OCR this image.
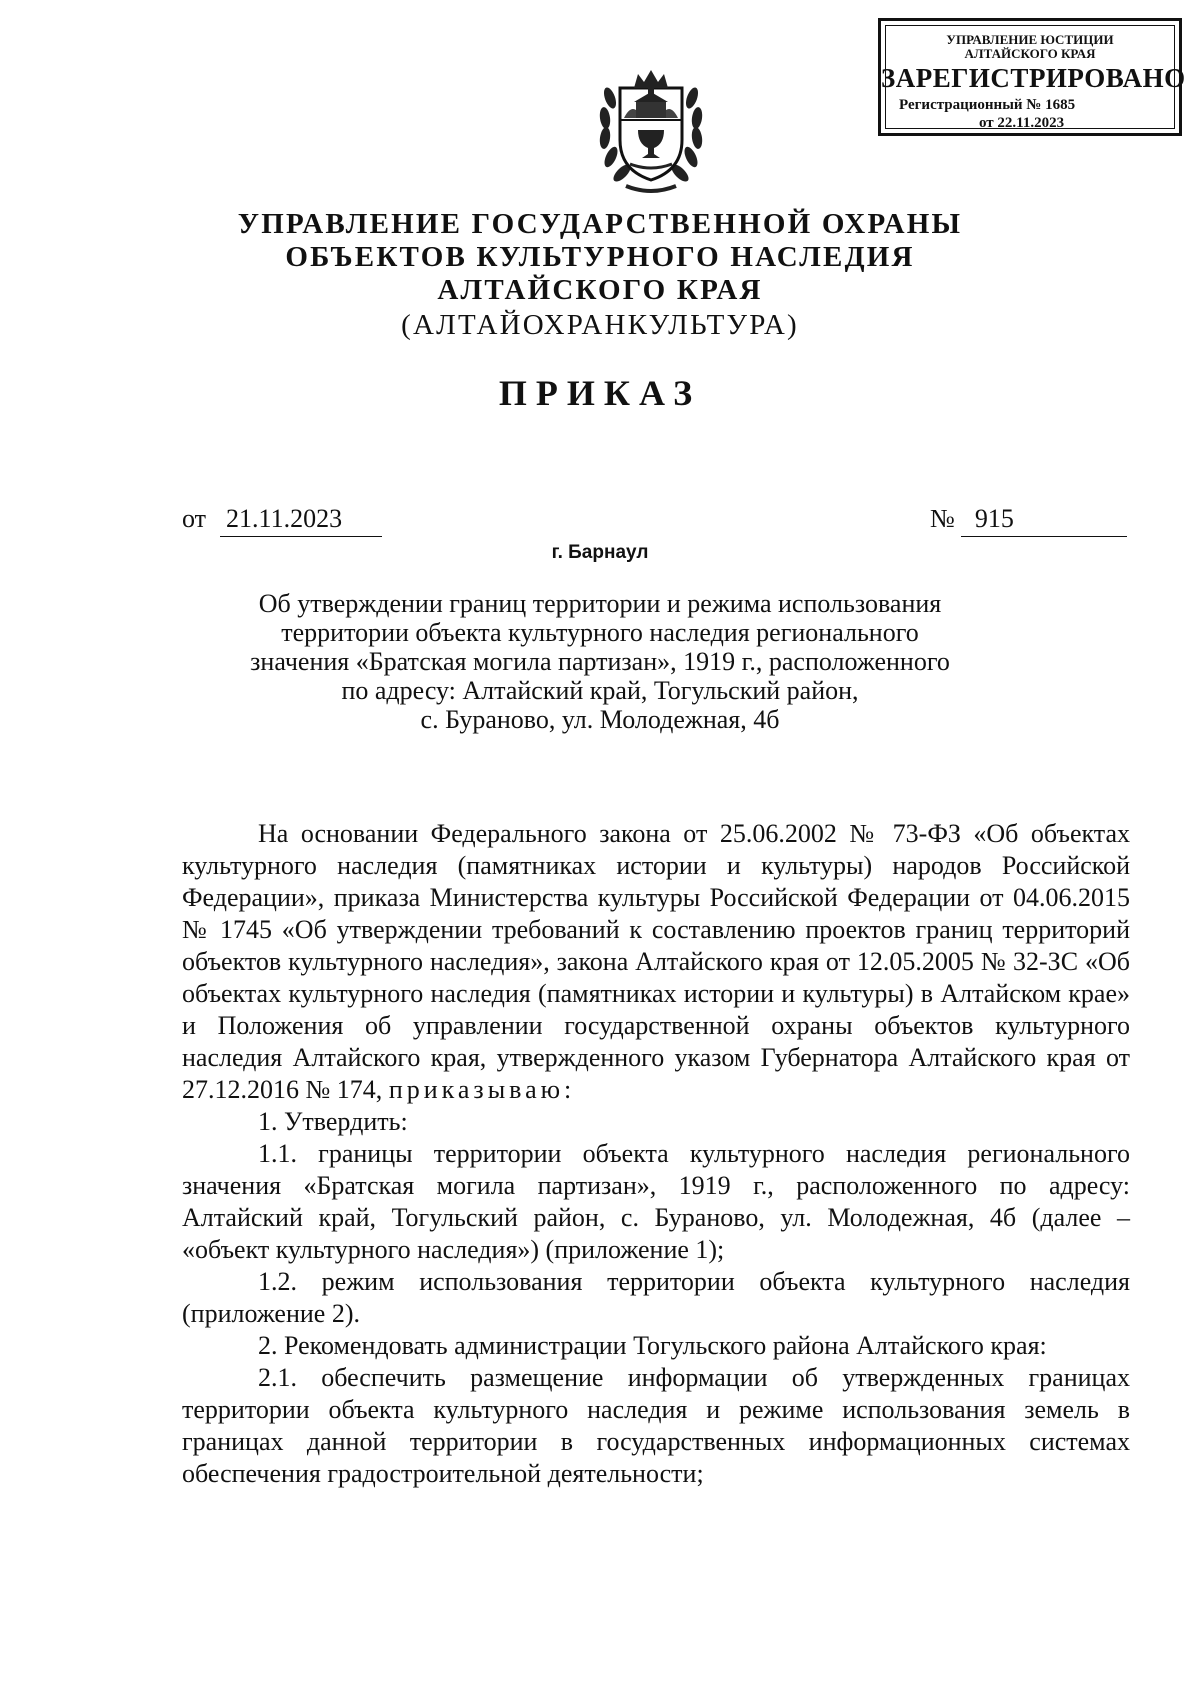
УПРАВЛЕНИЕ ЮСТИЦИИ
АЛТАЙСКОГО КРАЯ
ЗАРЕГИСТРИРОВАНО
Регистрационный № 1685
от 22.11.2023
УПРАВЛЕНИЕ ГОСУДАРСТВЕННОЙ ОХРАНЫ
ОБЪЕКТОВ КУЛЬТУРНОГО НАСЛЕДИЯ
АЛТАЙСКОГО КРАЯ
(АЛТАЙОХРАНКУЛЬТУРА)
ПРИКАЗ
от 21.11.2023	№ 915
г. Барнаул
Об утверждении границ территории и режима использования
территории объекта культурного наследия регионального
значения «Братская могила партизан», 1919 г., расположенного
по адресу: Алтайский край, Тогульский район,
с. Бураново, ул. Молодежная, 4б

На основании Федерального закона от 25.06.2002 № 73-ФЗ «Об объектах культурного наследия (памятниках истории и культуры) народов Российской Федерации», приказа Министерства культуры Российской Федерации от 04.06.2015 № 1745 «Об утверждении требований к составлению проектов границ территорий объектов культурного наследия», закона Алтайского края от 12.05.2005 № 32-ЗС «Об объектах культурного наследия (памятниках истории и культуры) в Алтайском крае» и Положения об управлении государственной охраны объектов культурного наследия Алтайского края, утвержденного указом Губернатора Алтайского края от 27.12.2016 № 174, приказываю:

1. Утвердить:

1.1. границы территории объекта культурного наследия регионального значения «Братская могила партизан», 1919 г., расположенного по адресу: Алтайский край, Тогульский район, с. Бураново, ул. Молодежная, 4б (далее – «объект культурного наследия») (приложение 1);

1.2. режим использования территории объекта культурного наследия (приложение 2).

2. Рекомендовать администрации Тогульского района Алтайского края:

2.1. обеспечить размещение информации об утвержденных границах территории объекта культурного наследия и режиме использования земель в границах данной территории в государственных информационных системах обеспечения градостроительной деятельности;
